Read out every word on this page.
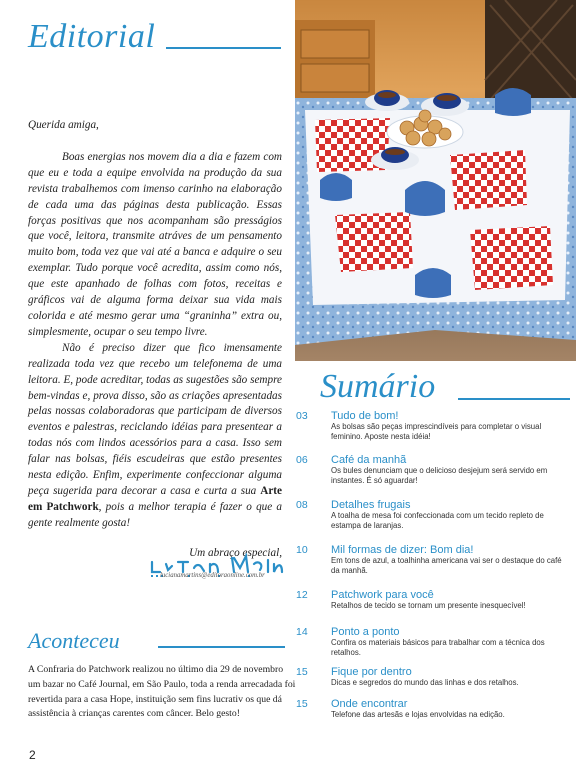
Editorial

Querida amiga,

Boas energias nos movem dia a dia e fazem com que eu e toda a equipe envolvida na produção da sua revista trabalhemos com imenso carinho na elaboração de cada uma das páginas desta publicação. Essas forças positivas que nos acompanham são presságios que você, leitora, transmite atráves de um pensamento muito bom, toda vez que vai até a banca e adquire o seu exemplar. Tudo porque você acredita, assim como nós, que este apanhado de folhas com fotos, receitas e gráficos vai de alguma forma deixar sua vida mais colorida e até mesmo gerar uma “graninha” extra ou, simplesmente, ocupar o seu tempo livre.

Não é preciso dizer que fico imensamente realizada toda vez que recebo um telefonema de uma leitora. E, pode acreditar, todas as sugestões são sempre bem-vindas e, prova disso, são as criações apresentadas pelas nossas colaboradoras que participam de diversos eventos e palestras, reciclando idéias para presentear a todas nós com lindos acessórios para a casa. Isso sem falar nas bolsas, fiéis escudeiras que estão presentes nesta edição. Enfim, experimente confeccionar alguma peça sugerida para decorar a casa e curta a sua Arte em Patchwork, pois a melhor terapia é fazer o que a gente realmente gosta!

Um abraço especial,

lucianamartins@editoraonline.com.br
Sumário
03 Tudo de bom!
As bolsas são peças imprescindíveis para completar o visual feminino. Aposte nesta idéia!
06 Café da manhã
Os bules denunciam que o delicioso desjejum será servido em instantes. É só aguardar!
08 Detalhes frugais
A toalha de mesa foi confeccionada com um tecido repleto de estampa de laranjas.
10 Mil formas de dizer: Bom dia!
Em tons de azul, a toalhinha americana vai ser o destaque do café da manhã.
12 Patchwork para você
Retalhos de tecido se tornam um presente inesquecível!
14 Ponto a ponto
Confira os materiais básicos para trabalhar com a técnica dos retalhos.
15 Fique por dentro
Dicas e segredos do mundo das linhas e dos retalhos.
15 Onde encontrar
Telefone das artesãs e lojas envolvidas na edição.
Aconteceu
A Confraria do Patchwork realizou no último dia 29 de novembro um bazar no Café Journal, em São Paulo, toda a renda arrecadada foi revertida para a casa Hope, instituição sem fins lucrativ os que dá assistência à crianças carentes com câncer. Belo gesto!
2
